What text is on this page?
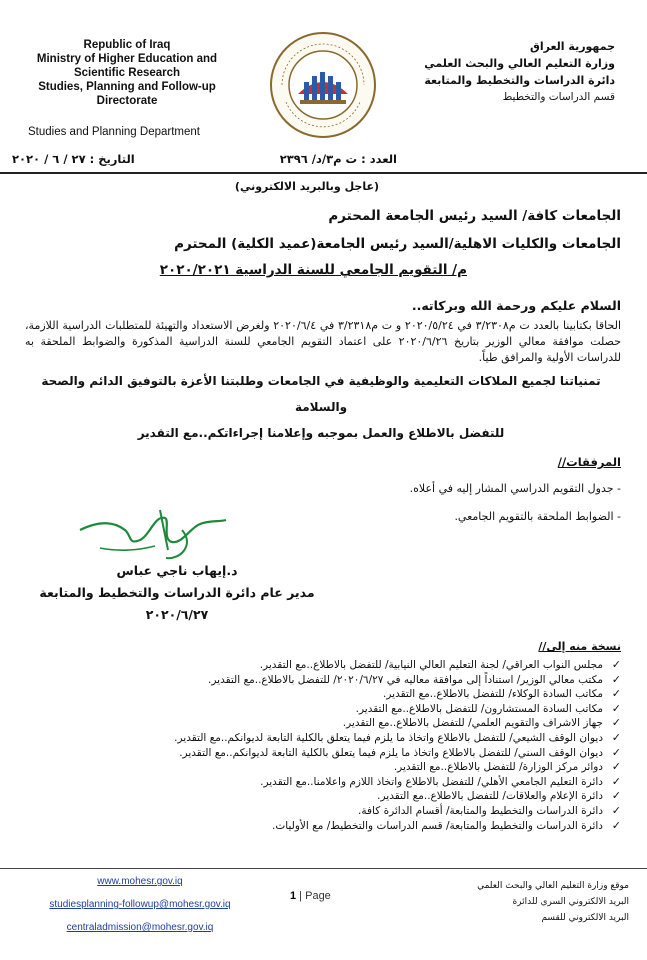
Republic of Iraq
Ministry of Higher Education and
Scientific Research
Studies, Planning and Follow-up
Directorate
Studies and Planning Department
جمهورية العراق
وزارة التعليم العالي والبحث العلمي
دائرة الدراسات والتخطيط والمتابعة
قسم الدراسات والتخطيط
العدد : ت م٣/د/ ٢٣٩٦
التاريخ : ٢٧ / ٦ / ٢٠٢٠
(عاجل وبالبريد الالكتروني)
الجامعات كافة/ السيد رئيس الجامعة المحترم
الجامعات والكليات الاهلية/السيد رئيس الجامعة(عميد الكلية) المحترم
م/ التقويم الجامعي للسنة الدراسية ٢٠٢٠/٢٠٢١
السلام عليكم ورحمة الله وبركاته..
الحاقا بكتابينا بالعدد ت م٣/٢٣٠٨ في ٢٠٢٠/٥/٢٤ و ت م٣/٢٣١٨ في ٢٠٢٠/٦/٤ ولغرض الاستعداد والتهيئة للمتطلبات الدراسية اللازمة، حصلت موافقة معالي الوزير بتاريخ ٢٠٢٠/٦/٢٦ على اعتماد التقويم الجامعي للسنة الدراسية المذكورة والضوابط الملحقة به للدراسات الأولية والمرافق طياً.
تمنياتنا لجميع الملاكات التعليمية والوظيفية في الجامعات وطلبتنا الأعزة بالتوفيق الدائم والصحة والسلامة
للتفضل بالاطلاع والعمل بموجبه وإعلامنا إجراءاتكم..مع التقدير
المرفقات//
- جدول التقويم الدراسي المشار إليه في أعلاه.
- الضوابط الملحقة بالتقويم الجامعي.
د.إيهاب ناجي عباس
مدير عام دائرة الدراسات والتخطيط والمتابعة
٢٠٢٠/٦/٢٧
نسخة منه إلى//
✓
مجلس النواب العراقي/ لجنة التعليم العالي النيابية/ للتفضل بالاطلاع..مع التقدير.
✓
مكتب معالي الوزير/ استناداً إلى موافقة معاليه في ٢٠٢٠/٦/٢٧/ للتفضل بالاطلاع..مع التقدير.
✓
مكاتب السادة الوكلاء/ للتفضل بالاطلاع..مع التقدير.
✓
مكاتب السادة المستشارون/ للتفضل بالاطلاع..مع التقدير.
✓
جهاز الاشراف والتقويم العلمي/ للتفضل بالاطلاع..مع التقدير.
✓
ديوان الوقف الشيعي/ للتفضل بالاطلاع واتخاذ ما يلزم فيما يتعلق بالكلية التابعة لديوانكم..مع التقدير.
✓
ديوان الوقف السني/ للتفضل بالاطلاع واتخاذ ما يلزم فيما يتعلق بالكلية التابعة لديوانكم..مع التقدير.
✓
دوائر مركز الوزارة/ للتفضل بالاطلاع..مع التقدير.
✓
دائرة التعليم الجامعي الأهلي/ للتفضل بالاطلاع واتخاذ اللازم واعلامنا..مع التقدير.
✓
دائرة الإعلام والعلاقات/ للتفضل بالاطلاع..مع التقدير.
✓
دائرة الدراسات والتخطيط والمتابعة/ أقسام الدائرة كافة.
✓
دائرة الدراسات والتخطيط والمتابعة/ قسم الدراسات والتخطيط/ مع الأوليات.
www.mohesr.gov.iq
studiesplanning-followup@mohesr.gov.iq
centraladmission@mohesr.gov.iq
1 | Page
موقع وزارة التعليم العالي والبحث العلمي
البريد الالكتروني السري للدائرة
البريد الالكتروني للقسم
